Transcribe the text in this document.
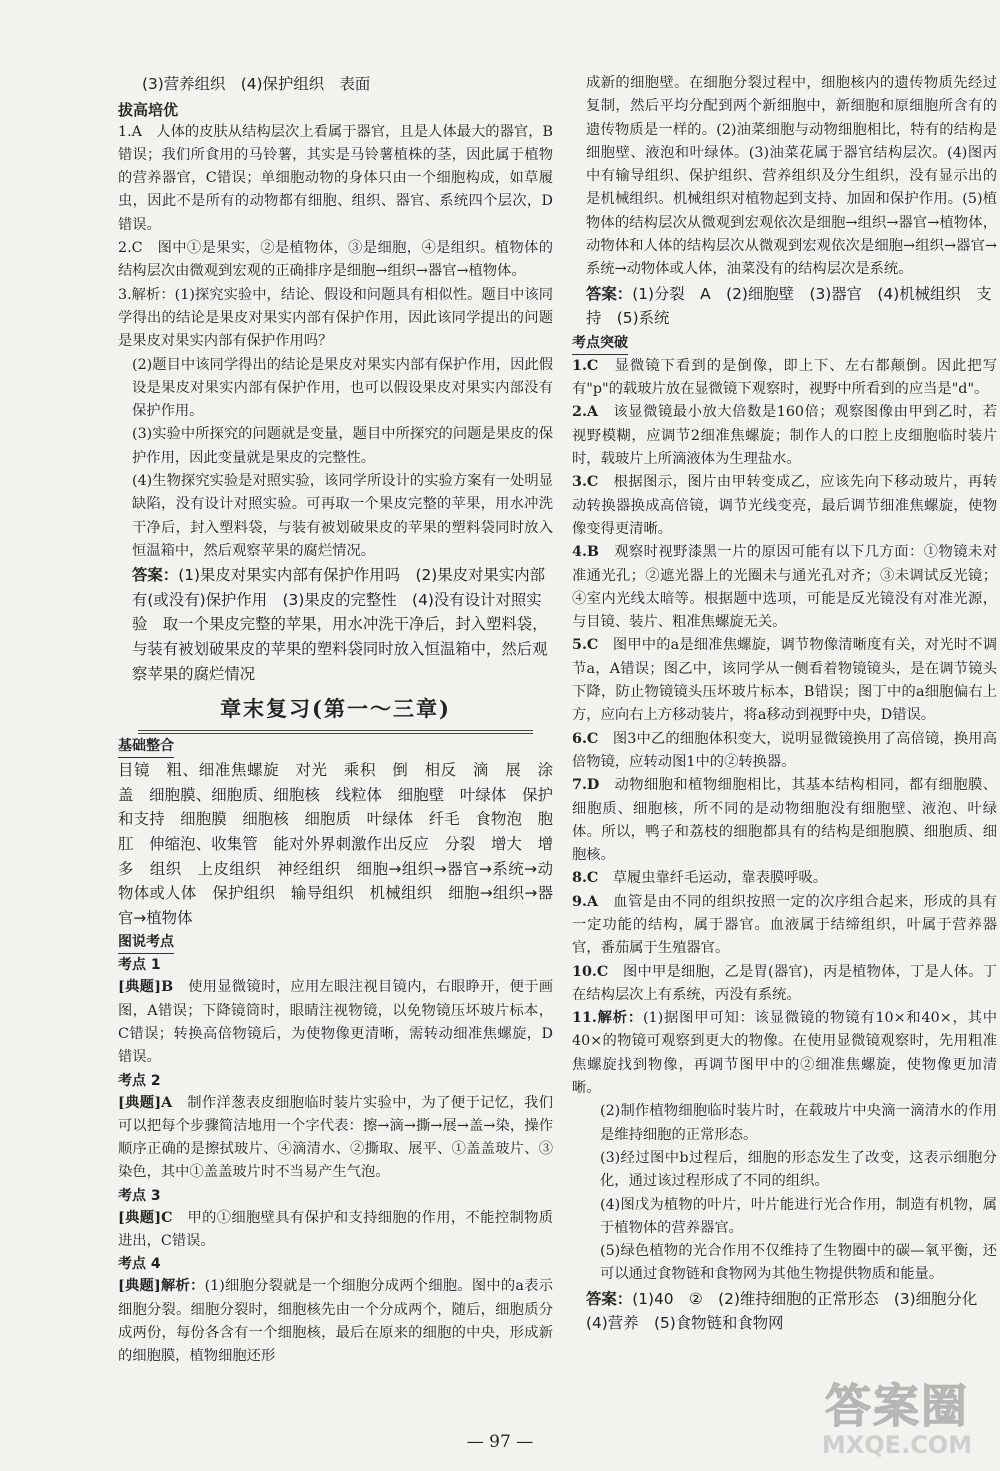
(3)营养组织　(4)保护组织　表面
拔高培优
1.A　人体的皮肤从结构层次上看属于器官，且是人体最大的器官，B错误；我们所食用的马铃薯，其实是马铃薯植株的茎，因此属于植物的营养器官，C错误；单细胞动物的身体只由一个细胞构成，如草履虫，因此不是所有的动物都有细胞、组织、器官、系统四个层次，D错误。
2.C　图中①是果实，②是植物体，③是细胞，④是组织。植物体的结构层次由微观到宏观的正确排序是细胞→组织→器官→植物体。
3.解析：(1)探究实验中，结论、假设和问题具有相似性。题目中该同学得出的结论是果皮对果实内部有保护作用，因此该同学提出的问题是果皮对果实内部有保护作用吗？
(2)题目中该同学得出的结论是果皮对果实内部有保护作用，因此假设是果皮对果实内部有保护作用，也可以假设果皮对果实内部没有保护作用。
(3)实验中所探究的问题就是变量，题目中所探究的问题是果皮的保护作用，因此变量就是果皮的完整性。
(4)生物探究实验是对照实验，该同学所设计的实验方案有一处明显缺陷，没有设计对照实验。可再取一个果皮完整的苹果，用水冲洗干净后，封入塑料袋，与装有被划破果皮的苹果的塑料袋同时放入恒温箱中，然后观察苹果的腐烂情况。
答案：(1)果皮对果实内部有保护作用吗　(2)果皮对果实内部有(或没有)保护作用　(3)果皮的完整性　(4)没有设计对照实验　取一个果皮完整的苹果，用水冲洗干净后，封入塑料袋，与装有被划破果皮的苹果的塑料袋同时放入恒温箱中，然后观察苹果的腐烂情况
章末复习(第一～三章)
基础整合
目镜　粗、细准焦螺旋　对光　乘积　倒　相反　滴　展　涂　盖　细胞膜、细胞质、细胞核　线粒体　细胞壁　叶绿体　保护和支持　细胞膜　细胞核　细胞质　叶绿体　纤毛　食物泡　胞肛　伸缩泡、收集管　能对外界刺激作出反应　分裂　增大　增多　组织　上皮组织　神经组织　细胞→组织→器官→系统→动物体或人体　保护组织　输导组织　机械组织　细胞→组织→器官→植物体
图说考点
考点 1
[典题]B　使用显微镜时，应用左眼注视目镜内，右眼睁开，便于画图，A错误；下降镜筒时，眼睛注视物镜，以免物镜压坏玻片标本，C错误；转换高倍物镜后，为使物像更清晰，需转动细准焦螺旋，D错误。
考点 2
[典题]A　制作洋葱表皮细胞临时装片实验中，为了便于记忆，我们可以把每个步骤简洁地用一个字代表：擦→滴→撕→展→盖→染，操作顺序正确的是擦拭玻片、④滴清水、②撕取、展平、①盖盖玻片、③染色，其中①盖盖玻片时不当易产生气泡。
考点 3
[典题]C　甲的①细胞壁具有保护和支持细胞的作用，不能控制物质进出，C错误。
考点 4
[典题]解析：(1)细胞分裂就是一个细胞分成两个细胞。图中的a表示细胞分裂。细胞分裂时，细胞核先由一个分成两个，随后，细胞质分成两份，每份各含有一个细胞核，最后在原来的细胞的中央，形成新的细胞膜，植物细胞还形
成新的细胞壁。在细胞分裂过程中，细胞核内的遗传物质先经过复制，然后平均分配到两个新细胞中，新细胞和原细胞所含有的遗传物质是一样的。(2)油菜细胞与动物细胞相比，特有的结构是细胞壁、液泡和叶绿体。(3)油菜花属于器官结构层次。(4)图丙中有输导组织、保护组织、营养组织及分生组织，没有显示出的是机械组织。机械组织对植物起到支持、加固和保护作用。(5)植物体的结构层次从微观到宏观依次是细胞→组织→器官→植物体，动物体和人体的结构层次从微观到宏观依次是细胞→组织→器官→系统→动物体或人体，油菜没有的结构层次是系统。
答案：(1)分裂　A　(2)细胞壁　(3)器官　(4)机械组织　支持　(5)系统
考点突破
1.C　显微镜下看到的是倒像，即上下、左右都颠倒。因此把写有"p"的载玻片放在显微镜下观察时，视野中所看到的应当是"d"。
2.A　该显微镜最小放大倍数是160倍；观察图像由甲到乙时，若视野模糊，应调节2细准焦螺旋；制作人的口腔上皮细胞临时装片时，载玻片上所滴液体为生理盐水。
3.C　根据图示，图片由甲转变成乙，应该先向下移动玻片，再转动转换器换成高倍镜，调节光线变亮，最后调节细准焦螺旋，使物像变得更清晰。
4.B　观察时视野漆黑一片的原因可能有以下几方面：①物镜未对准通光孔；②遮光器上的光圈未与通光孔对齐；③未调试反光镜；④室内光线太暗等。根据题中选项，可能是反光镜没有对准光源，与目镜、装片、粗准焦螺旋无关。
5.C　图甲中的a是细准焦螺旋，调节物像清晰度有关，对光时不调节a，A错误；图乙中，该同学从一侧看着物镜镜头，是在调节镜头下降，防止物镜镜头压坏玻片标本，B错误；图丁中的a细胞偏右上方，应向右上方移动装片，将a移动到视野中央，D错误。
6.C　图3中乙的细胞体积变大，说明显微镜换用了高倍镜，换用高倍物镜，应转动图1中的②转换器。
7.D　动物细胞和植物细胞相比，其基本结构相同，都有细胞膜、细胞质、细胞核，所不同的是动物细胞没有细胞壁、液泡、叶绿体。所以，鸭子和荔枝的细胞都具有的结构是细胞膜、细胞质、细胞核。
8.C　草履虫靠纤毛运动，靠表膜呼吸。
9.A　血管是由不同的组织按照一定的次序组合起来，形成的具有一定功能的结构，属于器官。血液属于结缔组织，叶属于营养器官，番茄属于生殖器官。
10.C　图中甲是细胞，乙是胃(器官)，丙是植物体，丁是人体。丁在结构层次上有系统，丙没有系统。
11.解析：(1)据图甲可知：该显微镜的物镜有10×和40×，其中40×的物镜可观察到更大的物像。在使用显微镜观察时，先用粗准焦螺旋找到物像，再调节图甲中的②细准焦螺旋，使物像更加清晰。
(2)制作植物细胞临时装片时，在载玻片中央滴一滴清水的作用是维持细胞的正常形态。
(3)经过图中b过程后，细胞的形态发生了改变，这表示细胞分化，通过该过程形成了不同的组织。
(4)图戊为植物的叶片，叶片能进行光合作用，制造有机物，属于植物体的营养器官。
(5)绿色植物的光合作用不仅维持了生物圈中的碳—氧平衡，还可以通过食物链和食物网为其他生物提供物质和能量。
答案：(1)40　②　(2)维持细胞的正常形态　(3)细胞分化　(4)营养　(5)食物链和食物网
— 97 —
答案圈
MXQE.COM
